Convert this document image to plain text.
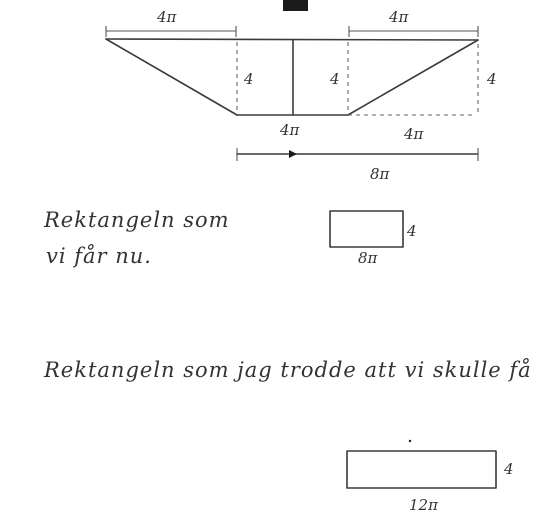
4π	4π
4	4	4
4π	4π
8π
Rektangeln som
vi får nu.
4
8π
Rektangeln som jag trodde att vi skulle få
4
12π
